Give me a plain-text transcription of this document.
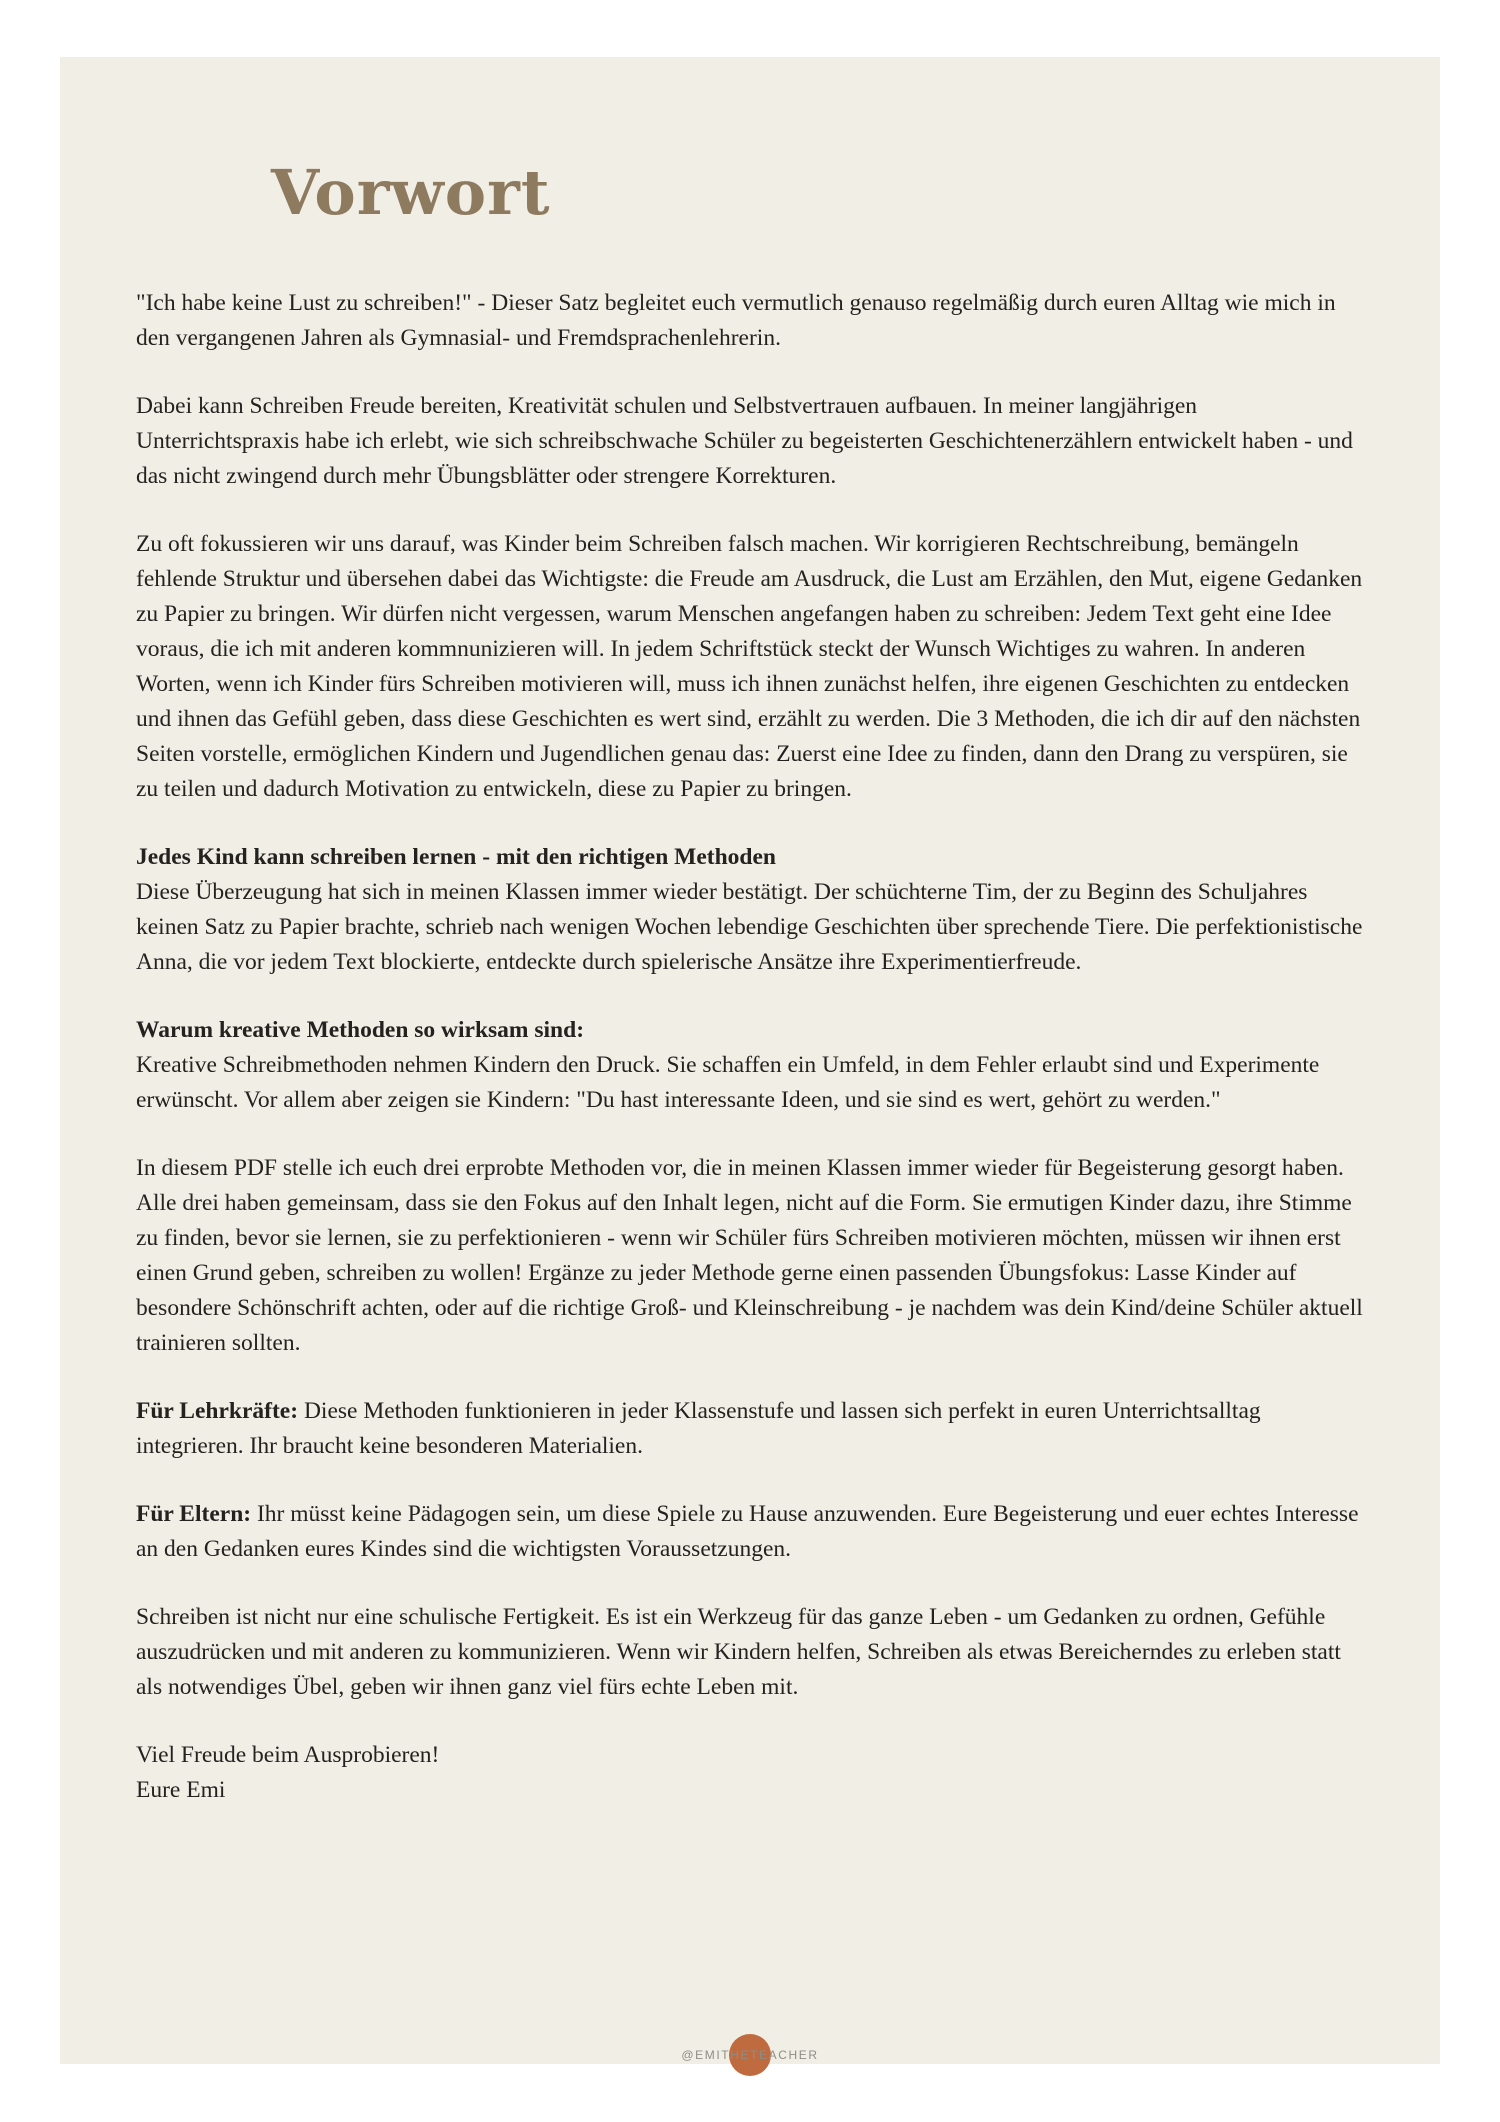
Vorwort

"Ich habe keine Lust zu schreiben!" - Dieser Satz begleitet euch vermutlich genauso regelmäßig durch euren Alltag wie mich in den vergangenen Jahren als Gymnasial- und Fremdsprachenlehrerin.

Dabei kann Schreiben Freude bereiten, Kreativität schulen und Selbstvertrauen aufbauen. In meiner langjährigen Unterrichtspraxis habe ich erlebt, wie sich schreibschwache Schüler zu begeisterten Geschichtenerzählern entwickelt haben - und das nicht zwingend durch mehr Übungsblätter oder strengere Korrekturen.

Zu oft fokussieren wir uns darauf, was Kinder beim Schreiben falsch machen. Wir korrigieren Rechtschreibung, bemängeln fehlende Struktur und übersehen dabei das Wichtigste: die Freude am Ausdruck, die Lust am Erzählen, den Mut, eigene Gedanken zu Papier zu bringen. Wir dürfen nicht vergessen, warum Menschen angefangen haben zu schreiben: Jedem Text geht eine Idee voraus, die ich mit anderen kommnunizieren will. In jedem Schriftstück steckt der Wunsch Wichtiges zu wahren. In anderen Worten, wenn ich Kinder fürs Schreiben motivieren will, muss ich ihnen zunächst helfen, ihre eigenen Geschichten zu entdecken und ihnen das Gefühl geben, dass diese Geschichten es wert sind, erzählt zu werden. Die 3 Methoden, die ich dir auf den nächsten Seiten vorstelle, ermöglichen Kindern und Jugendlichen genau das: Zuerst eine Idee zu finden, dann den Drang zu verspüren, sie zu teilen und dadurch Motivation zu entwickeln, diese zu Papier zu bringen.

Jedes Kind kann schreiben lernen - mit den richtigen Methoden

Diese Überzeugung hat sich in meinen Klassen immer wieder bestätigt. Der schüchterne Tim, der zu Beginn des Schuljahres keinen Satz zu Papier brachte, schrieb nach wenigen Wochen lebendige Geschichten über sprechende Tiere. Die perfektionistische Anna, die vor jedem Text blockierte, entdeckte durch spielerische Ansätze ihre Experimentierfreude.

Warum kreative Methoden so wirksam sind:

Kreative Schreibmethoden nehmen Kindern den Druck. Sie schaffen ein Umfeld, in dem Fehler erlaubt sind und Experimente erwünscht. Vor allem aber zeigen sie Kindern: "Du hast interessante Ideen, und sie sind es wert, gehört zu werden."

In diesem PDF stelle ich euch drei erprobte Methoden vor, die in meinen Klassen immer wieder für Begeisterung gesorgt haben. Alle drei haben gemeinsam, dass sie den Fokus auf den Inhalt legen, nicht auf die Form. Sie ermutigen Kinder dazu, ihre Stimme zu finden, bevor sie lernen, sie zu perfektionieren - wenn wir Schüler fürs Schreiben motivieren möchten, müssen wir ihnen erst einen Grund geben, schreiben zu wollen! Ergänze zu jeder Methode gerne einen passenden Übungsfokus: Lasse Kinder auf besondere Schönschrift achten, oder auf die richtige Groß- und Kleinschreibung - je nachdem was dein Kind/deine Schüler aktuell trainieren sollten.

Für Lehrkräfte: Diese Methoden funktionieren in jeder Klassenstufe und lassen sich perfekt in euren Unterrichtsalltag integrieren. Ihr braucht keine besonderen Materialien.

Für Eltern: Ihr müsst keine Pädagogen sein, um diese Spiele zu Hause anzuwenden. Eure Begeisterung und euer echtes Interesse an den Gedanken eures Kindes sind die wichtigsten Voraussetzungen.

Schreiben ist nicht nur eine schulische Fertigkeit. Es ist ein Werkzeug für das ganze Leben - um Gedanken zu ordnen, Gefühle auszudrücken und mit anderen zu kommunizieren. Wenn wir Kindern helfen, Schreiben als etwas Bereicherndes zu erleben statt als notwendiges Übel, geben wir ihnen ganz viel fürs echte Leben mit.

Viel Freude beim Ausprobieren!

Eure Emi

@EMITHETEACHER
